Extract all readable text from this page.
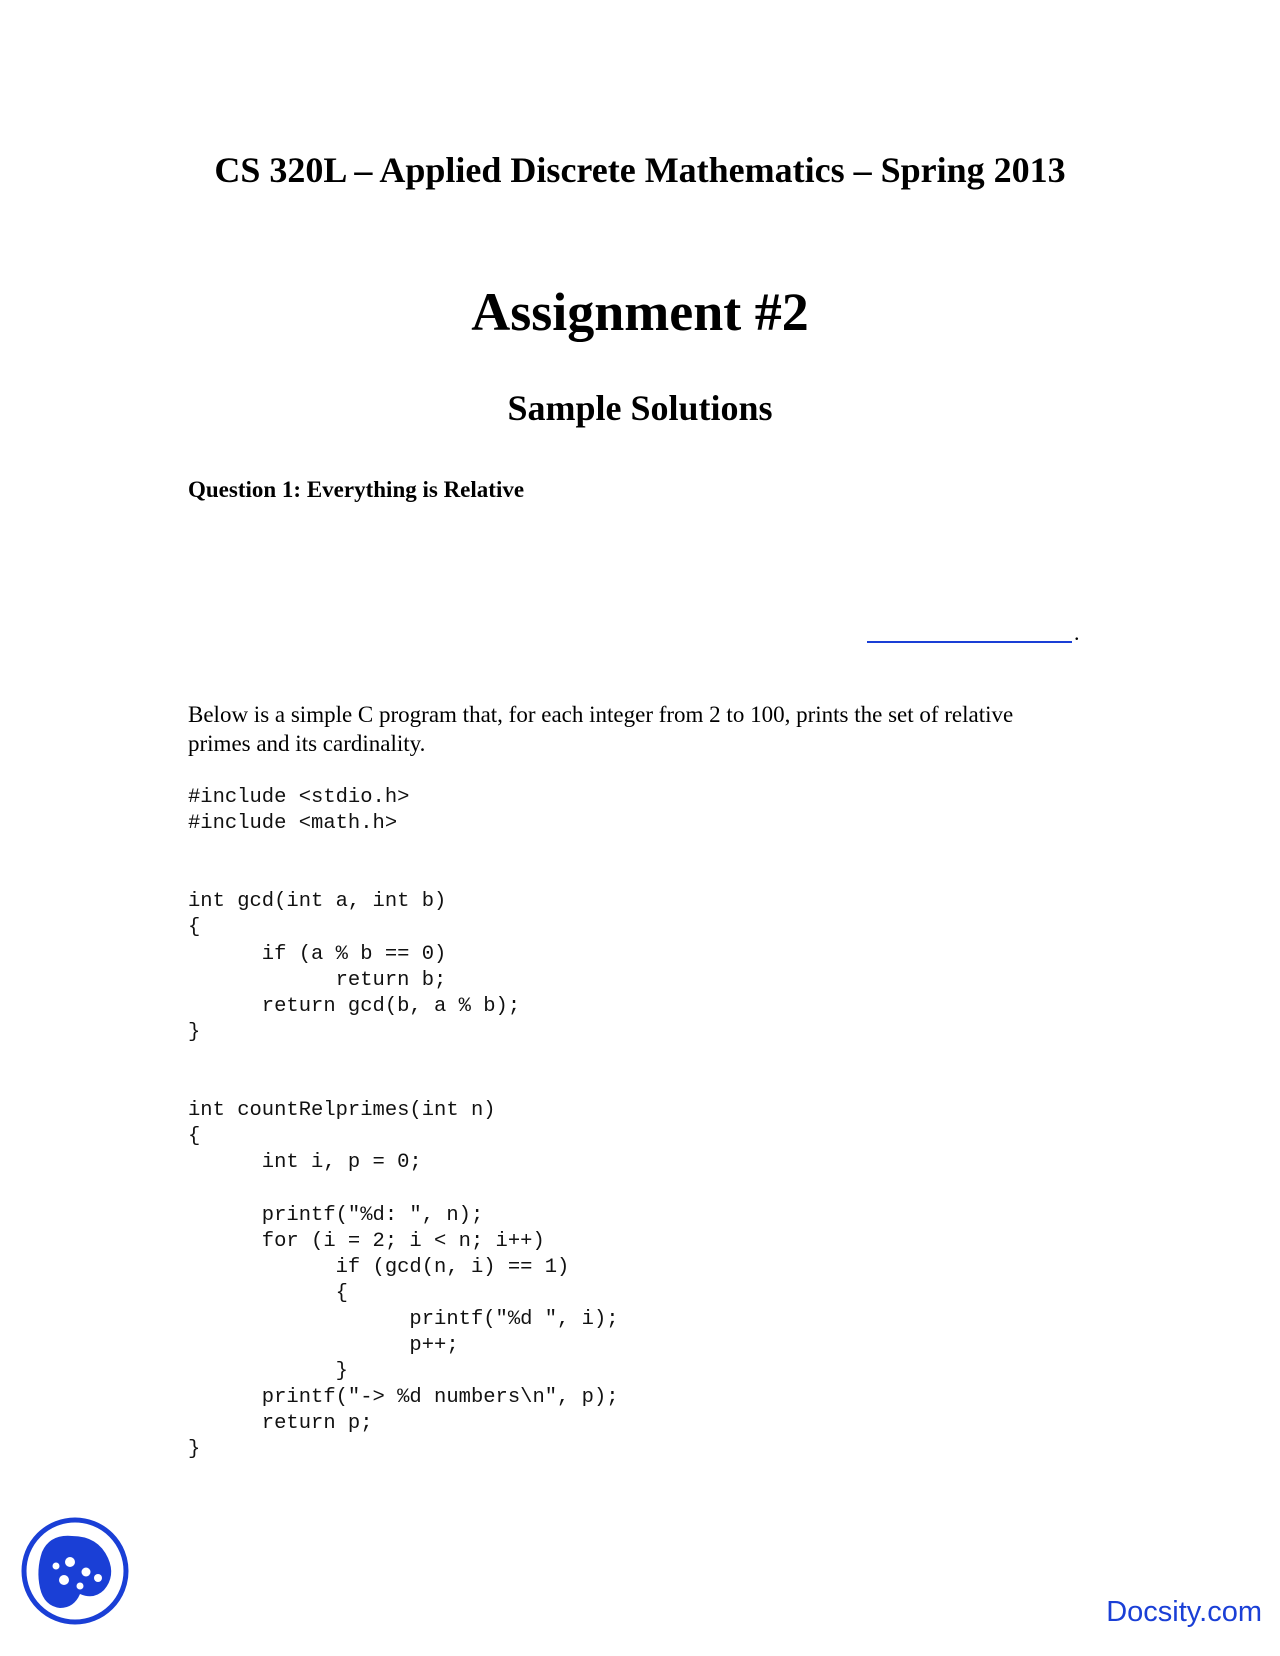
CS 320L – Applied Discrete Mathematics – Spring 2013
Assignment #2
Sample Solutions
Question 1: Everything is Relative
.
Below is a simple C program that, for each integer from 2 to 100, prints the set of relative
primes and its cardinality.
#include <stdio.h>
#include <math.h>
int gcd(int a, int b)
{
if (a % b == 0)
return b;
return gcd(b, a % b);
}
int countRelprimes(int n)
{
int i, p = 0;
printf("%d: ", n);
for (i = 2; i < n; i++)
if (gcd(n, i) == 1)
{
printf("%d ", i);
p++;
}
printf("-> %d numbers\n", p);
return p;
}
Docsity.com
